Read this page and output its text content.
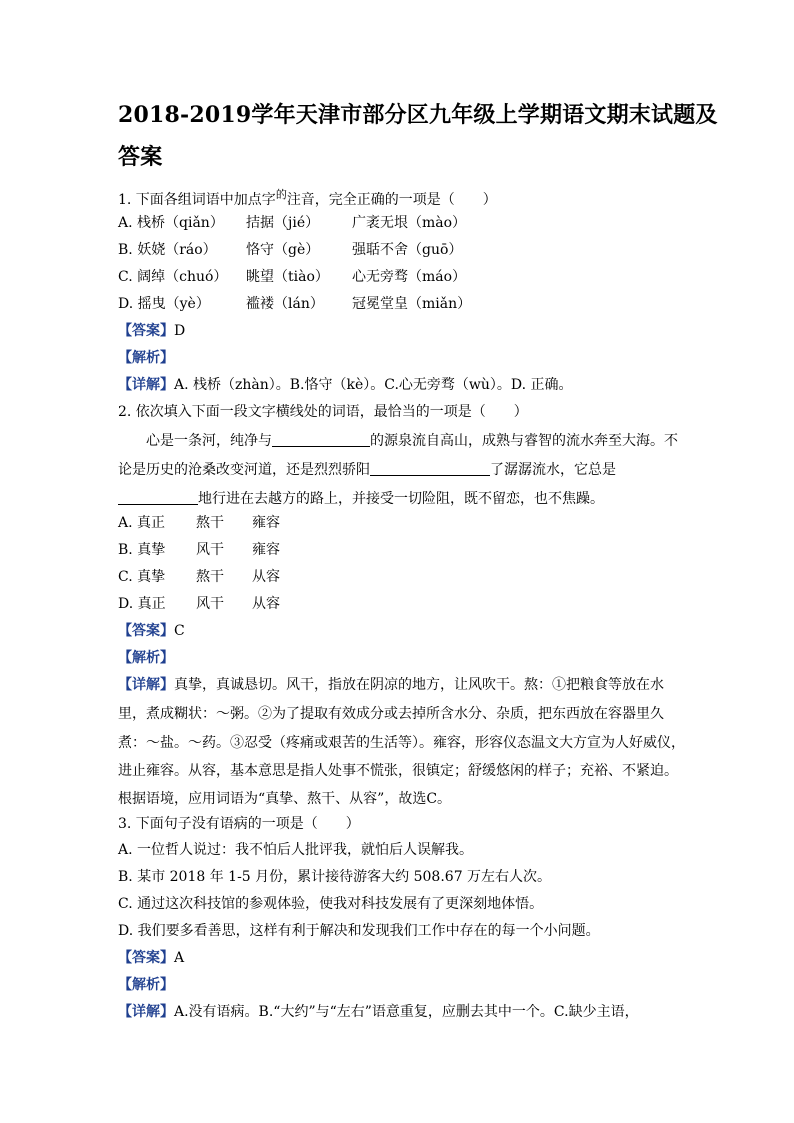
2018-2019学年天津市部分区九年级上学期语文期末试题及
答案
1. 下面各组词语中加点字$^的$注音，完全正确的一项是（　　）
A. 栈桥（qiǎn） 拮据（jié） 广袤无垠（mào）
B. 妖娆（ráo） 恪守（gè） 强聒不舍（guō）
C. 阔绰（chuó） 眺望（tiào） 心无旁骛（máo）
D. 摇曳（yè）	褴褛（lán） 冠冕堂皇（miǎn）
【答案】D
【解析】
【详解】A. 栈桥（zhàn）。B.恪守（kè）。C.心无旁骛（wù）。D. 正确。
2. 依次填入下面一段文字横线处的词语，最恰当的一项是（　　）
心是一条河，纯净与	的源泉流自高山，成熟与睿智的流水奔至大海。不
论是历史的沧桑改变河道，还是烈烈骄阳	了潺潺流水，它总是
地行进在去越方的路上，并接受一切险阻，既不留恋，也不焦躁。
A. 真正 熬干 雍容
B. 真挚 风干 雍容
C. 真挚 熬干 从容
D. 真正 风干 从容
【答案】C
【解析】
【详解】真挚，真诚恳切。风干，指放在阴凉的地方，让风吹干。熬：①把粮食等放在水
里，煮成糊状：～粥。②为了提取有效成分或去掉所含水分、杂质，把东西放在容器里久
煮：～盐。～药。③忍受（疼痛或艰苦的生活等）。雍容，形容仪态温文大方宣为人好威仪，
进止雍容。从容，基本意思是指人处事不慌张，很镇定；舒缓悠闲的样子；充裕、不紧迫。
根据语境，应用词语为“真挚、熬干、从容”，故选C。
3. 下面句子没有语病的一项是（　　）
A. 一位哲人说过：我不怕后人批评我，就怕后人误解我。
B. 某市 2018 年 1-5 月份，累计接待游客大约 508.67 万左右人次。
C. 通过这次科技馆的参观体验，使我对科技发展有了更深刻地体悟。
D. 我们要多看善思，这样有利于解决和发现我们工作中存在的每一个小问题。
【答案】A
【解析】
【详解】A.没有语病。B.“大约”与“左右”语意重复，应删去其中一个。C.缺少主语，
